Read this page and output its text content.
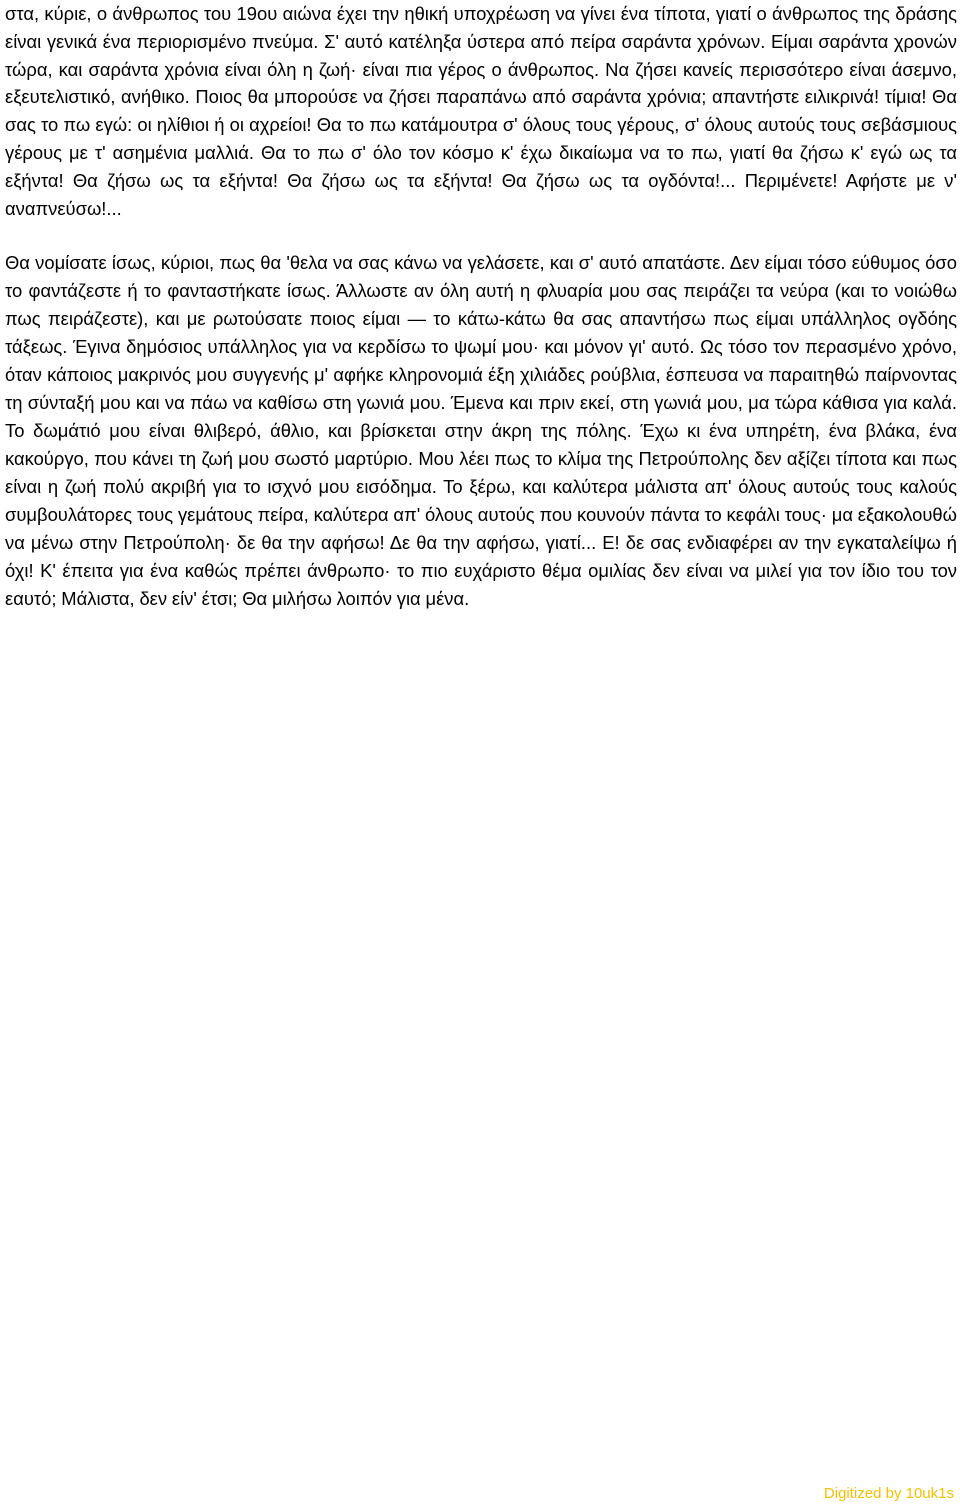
στα, κύριε, ο άνθρωπος του 19ου αιώνα έχει την ηθική υποχρέωση να γίνει ένα τίποτα, γιατί ο άνθρωπος της δράσης είναι γενικά ένα περιορισμένο πνεύμα. Σ' αυτό κατέληξα ύστερα από πείρα σαράντα χρόνων. Είμαι σαράντα χρονών τώρα, και σαράντα χρόνια είναι όλη η ζωή· είναι πια γέρος ο άνθρωπος. Να ζήσει κανείς περισσότερο είναι άσεμνο, εξευτελιστικό, ανήθικο. Ποιος θα μπορούσε να ζήσει παραπάνω από σαράντα χρόνια; απαντήστε ειλικρινά! τίμια! Θα σας το πω εγώ: οι ηλίθιοι ή οι αχρείοι! Θα το πω κατάμουτρα σ' όλους τους γέρους, σ' όλους αυτούς τους σεβάσμιους γέρους με τ' ασημένια μαλλιά. Θα το πω σ' όλο τον κόσμο κ' έχω δικαίωμα να το πω, γιατί θα ζήσω κ' εγώ ως τα εξήντα! Θα ζήσω ως τα εξήντα! Θα ζήσω ως τα εξήντα! Θα ζήσω ως τα ογδόντα!... Περιμένετε! Αφήστε με ν' αναπνεύσω!...

Θα νομίσατε ίσως, κύριοι, πως θα 'θελα να σας κάνω να γελάσετε, και σ' αυτό απατάστε. Δεν είμαι τόσο εύθυμος όσο το φαντάζεστε ή το φανταστήκατε ίσως. Άλλωστε αν όλη αυτή η φλυαρία μου σας πειράζει τα νεύρα (και το νοιώθω πως πειράζεστε), και με ρωτούσατε ποιος είμαι — το κάτω-κάτω θα σας απαντήσω πως είμαι υπάλληλος ογδόης τάξεως. Έγινα δημόσιος υπάλληλος για να κερδίσω το ψωμί μου· και μόνον γι' αυτό. Ως τόσο τον περασμένο χρόνο, όταν κάποιος μακρινός μου συγγενής μ' αφήκε κληρονομιά έξη χιλιάδες ρούβλια, έσπευσα να παραιτηθώ παίρνοντας τη σύνταξή μου και να πάω να καθίσω στη γωνιά μου. Έμενα και πριν εκεί, στη γωνιά μου, μα τώρα κάθισα για καλά. Το δωμάτιό μου είναι θλιβερό, άθλιο, και βρίσκεται στην άκρη της πόλης. Έχω κι ένα υπηρέτη, ένα βλάκα, ένα κακούργο, που κάνει τη ζωή μου σωστό μαρτύριο. Μου λέει πως το κλίμα της Πετρούπολης δεν αξίζει τίποτα και πως είναι η ζωή πολύ ακριβή για το ισχνό μου εισόδημα. Το ξέρω, και καλύτερα μάλιστα απ' όλους αυτούς τους καλούς συμβουλάτορες τους γεμάτους πείρα, καλύτερα απ' όλους αυτούς που κουνούν πάντα το κεφάλι τους· μα εξακολουθώ να μένω στην Πετρούπολη· δε θα την αφήσω! Δε θα την αφήσω, γιατί... Ε! δε σας ενδιαφέρει αν την εγκαταλείψω ή όχι! Κ' έπειτα για ένα καθώς πρέπει άνθρωπο· το πιο ευχάριστο θέμα ομιλίας δεν είναι να μιλεί για τον ίδιο του τον εαυτό; Μάλιστα, δεν είν' έτσι; Θα μιλήσω λοιπόν για μένα.

Digitized by 10uk1s
